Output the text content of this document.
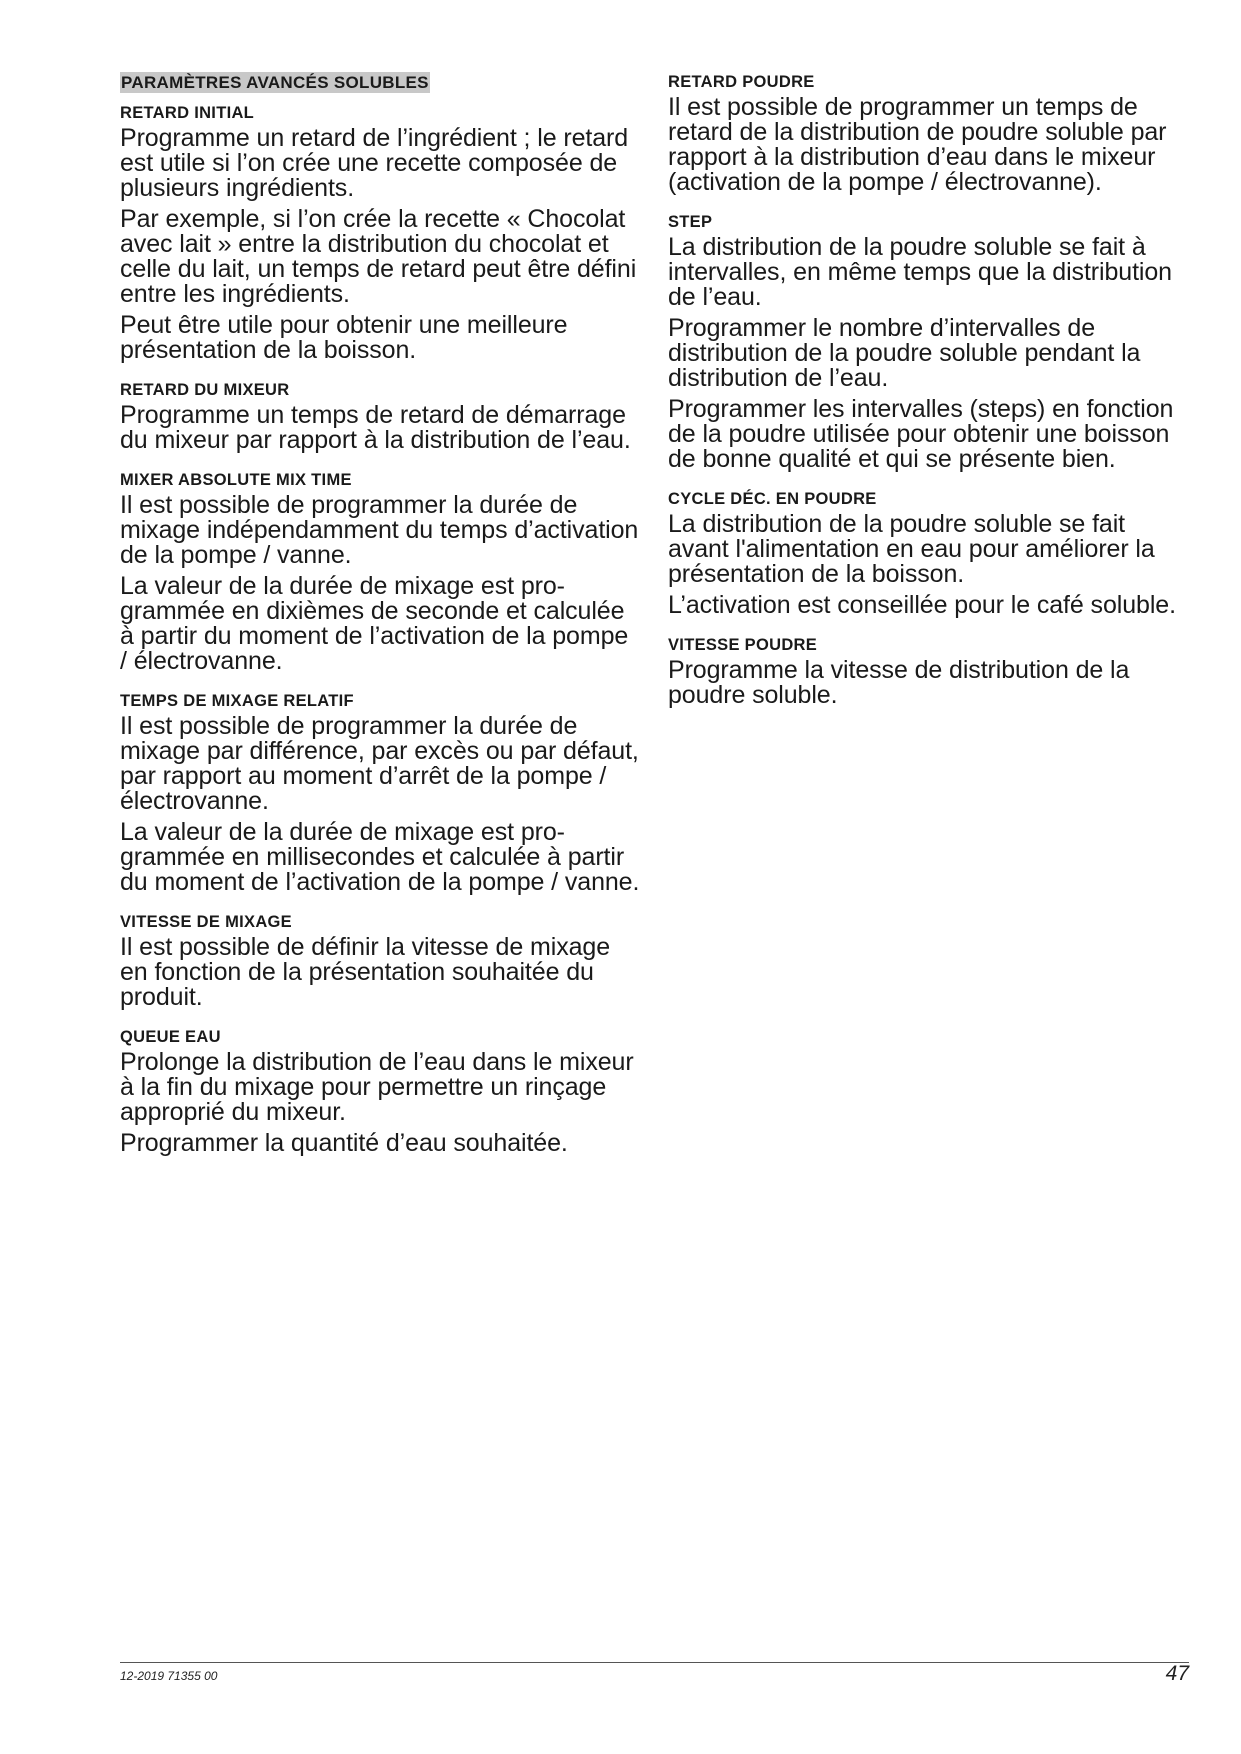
PARAMÈTRES AVANCÉS SOLUBLES
RETARD INITIAL

Programme un retard de l’ingrédient ; le retard est utile si l’on crée une recette composée de plusieurs ingrédients.

Par exemple, si l’on crée la recette « Chocolat avec lait » entre la distribution du chocolat et celle du lait, un temps de retard peut être défini entre les ingrédients.

Peut être utile pour obtenir une meilleure présentation de la boisson.

RETARD DU MIXEUR

Programme un temps de retard de démarrage du mixeur par rapport à la distribution de l’eau.

MIXER ABSOLUTE MIX TIME

Il est possible de programmer la durée de mixage indépendamment du temps d’activation de la pompe / vanne.

La valeur de la durée de mixage est programmée en dixièmes de seconde et calculée à partir du moment de l’activation de la pompe / électrovanne.

TEMPS DE MIXAGE RELATIF

Il est possible de programmer la durée de mixage par différence, par excès ou par défaut, par rapport au moment d’arrêt de la pompe / électrovanne.

La valeur de la durée de mixage est programmée en millisecondes et calculée à partir du moment de l’activation de la pompe / vanne.

VITESSE DE MIXAGE

Il est possible de définir la vitesse de mixage en fonction de la présentation souhaitée du produit.

QUEUE EAU

Prolonge la distribution de l’eau dans le mixeur à la fin du mixage pour permettre un rinçage approprié du mixeur.

Programmer la quantité d’eau souhaitée.

RETARD POUDRE

Il est possible de programmer un temps de retard de la distribution de poudre soluble par rapport à la distribution d’eau dans le mixeur (activation de la pompe / électrovanne).

STEP

La distribution de la poudre soluble se fait à intervalles, en même temps que la distribution de l’eau.

Programmer le nombre d’intervalles de distribution de la poudre soluble pendant la distribution de l’eau.

Programmer les intervalles (steps) en fonction de la poudre utilisée pour obtenir une boisson de bonne qualité et qui se présente bien.

CYCLE DÉC. EN POUDRE

La distribution de la poudre soluble se fait avant l'alimentation en eau pour améliorer la présentation de la boisson.

L’activation est conseillée pour le café soluble.

VITESSE POUDRE

Programme la vitesse de distribution de la poudre soluble.

12-2019 71355 00	47
